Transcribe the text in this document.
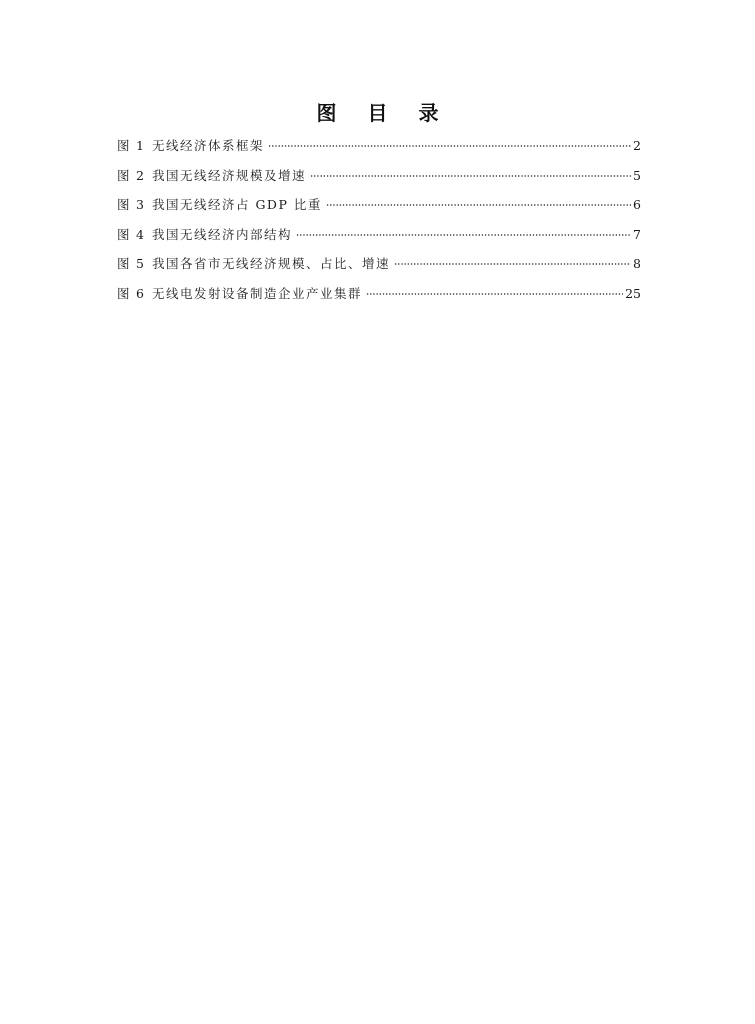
图 目 录
图 1 无线经济体系框架	2
图 2 我国无线经济规模及增速	5
图 3 我国无线经济占 GDP 比重	6
图 4 我国无线经济内部结构	7
图 5 我国各省市无线经济规模、占比、增速	8
图 6 无线电发射设备制造企业产业集群	25
